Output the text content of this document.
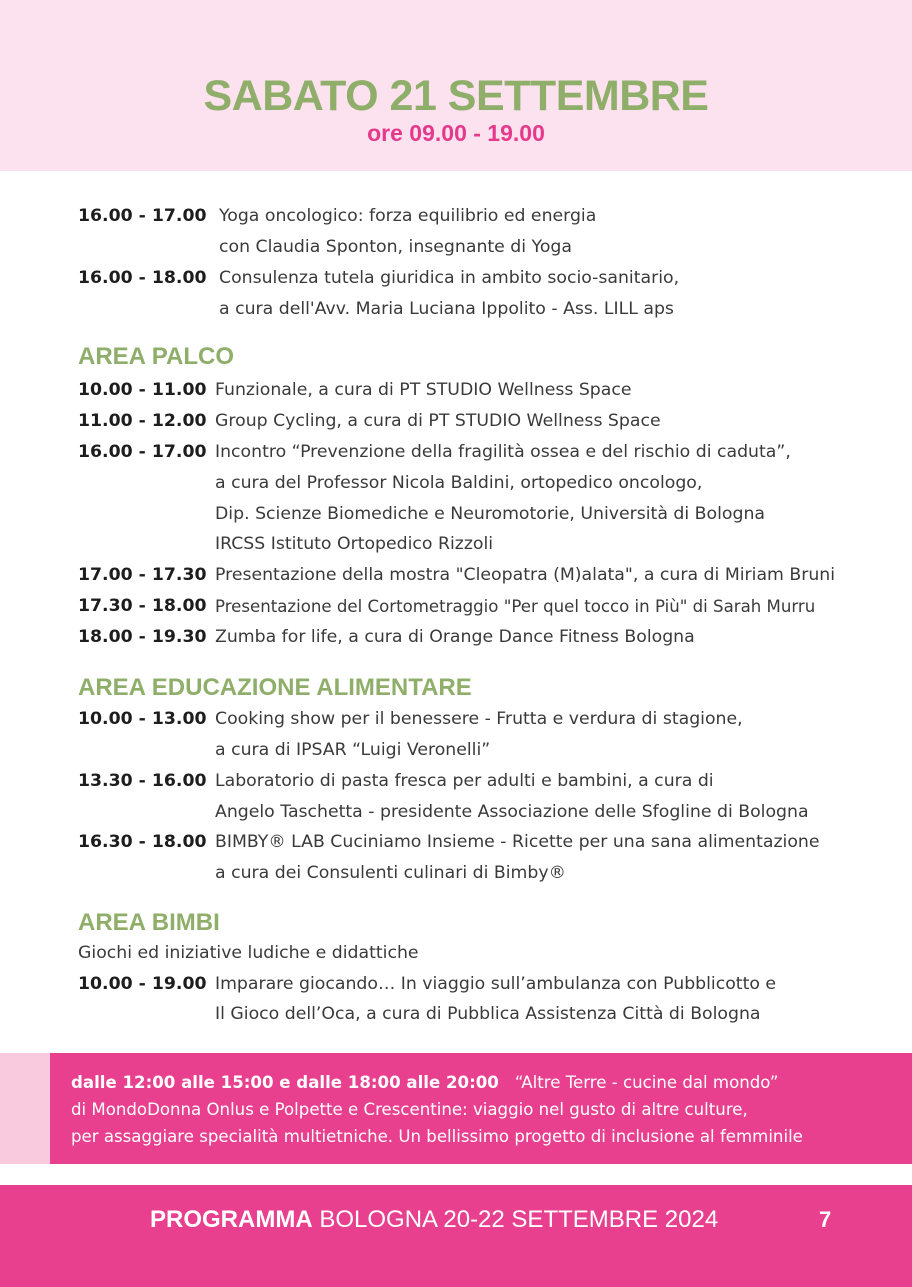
SABATO 21 SETTEMBRE
ore 09.00 - 19.00
16.00 - 17.00 Yoga oncologico: forza equilibrio ed energia
con Claudia Sponton, insegnante di Yoga
16.00 - 18.00 Consulenza tutela giuridica in ambito socio-sanitario,
a cura dell'Avv. Maria Luciana Ippolito - Ass. LILL aps
AREA PALCO
10.00 - 11.00 Funzionale, a cura di PT STUDIO Wellness Space
11.00 - 12.00 Group Cycling, a cura di PT STUDIO Wellness Space
16.00 - 17.00 Incontro “Prevenzione della fragilità ossea e del rischio di caduta”,
a cura del Professor Nicola Baldini, ortopedico oncologo,
Dip. Scienze Biomediche e Neuromotorie, Università di Bologna
IRCSS Istituto Ortopedico Rizzoli
17.00 - 17.30 Presentazione della mostra "Cleopatra (M)alata", a cura di Miriam Bruni
17.30 - 18.00 Presentazione del Cortometraggio "Per quel tocco in Più" di Sarah Murru
18.00 - 19.30 Zumba for life, a cura di Orange Dance Fitness Bologna
AREA EDUCAZIONE ALIMENTARE
10.00 - 13.00 Cooking show per il benessere - Frutta e verdura di stagione,
a cura di IPSAR “Luigi Veronelli”
13.30 - 16.00 Laboratorio di pasta fresca per adulti e bambini, a cura di
Angelo Taschetta - presidente Associazione delle Sfogline di Bologna
16.30 - 18.00 BIMBY® LAB Cuciniamo Insieme - Ricette per una sana alimentazione
a cura dei Consulenti culinari di Bimby®
AREA BIMBI
Giochi ed iniziative ludiche e didattiche
10.00 - 19.00 Imparare giocando… In viaggio sull’ambulanza con Pubblicotto e
Il Gioco dell’Oca, a cura di Pubblica Assistenza Città di Bologna
dalle 12:00 alle 15:00 e dalle 18:00 alle 20:00 “Altre Terre - cucine dal mondo”
di MondoDonna Onlus e Polpette e Crescentine: viaggio nel gusto di altre culture,
per assaggiare specialità multietniche. Un bellissimo progetto di inclusione al femminile
PROGRAMMA BOLOGNA 20-22 SETTEMBRE 2024	7
